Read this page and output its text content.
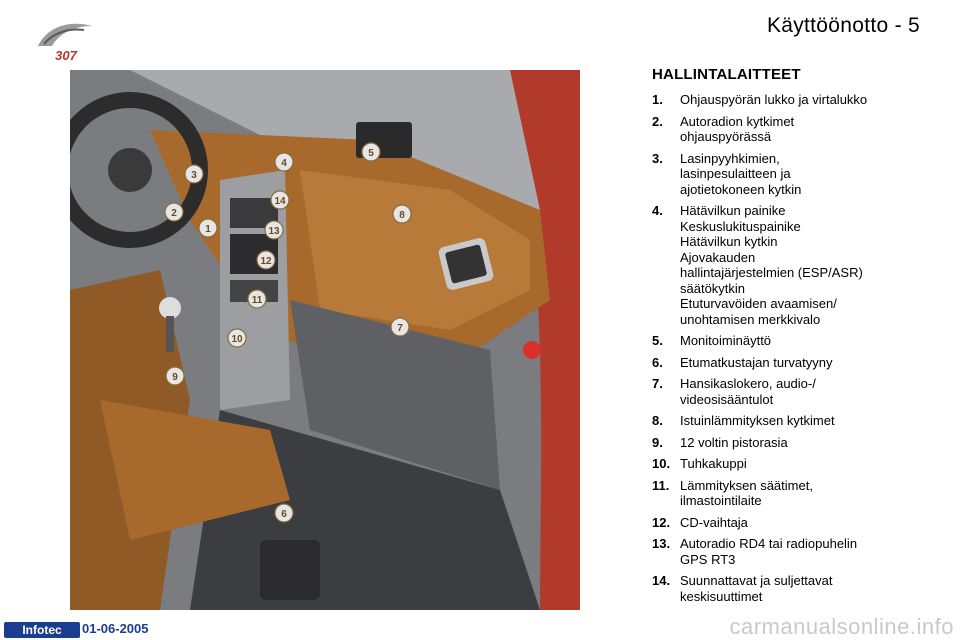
307
Käyttöönotto - 5
1
2
3
4
5
6
7
8
9
10
11
12
13
14
HALLINTALAITTEET
1.	Ohjauspyörän lukko ja virtalukko
2.	Autoradion kytkimet
ohjauspyörässä
3.	Lasinpyyhkimien,
lasinpesulaitteen ja
ajotietokoneen kytkin
4.	Hätävilkun painike
Keskuslukituspainike
Hätävilkun kytkin
Ajovakauden
hallintajärjestelmien (ESP/ASR)
säätökytkin
Etuturvavöiden avaamisen/
unohtamisen merkkivalo
5.	Monitoiminäyttö
6.	Etumatkustajan turvatyyny
7.	Hansikaslokero, audio-/
videosisääntulot
8.	Istuinlämmityksen kytkimet
9.	12 voltin pistorasia
10. Tuhkakuppi
11. Lämmityksen säätimet,
ilmastointilaite
12. CD-vaihtaja
13. Autoradio RD4 tai radiopuhelin
GPS RT3
14. Suunnattavat ja suljettavat
keskisuuttimet
Infotec	01-06-2005	carmanualsonline.info
